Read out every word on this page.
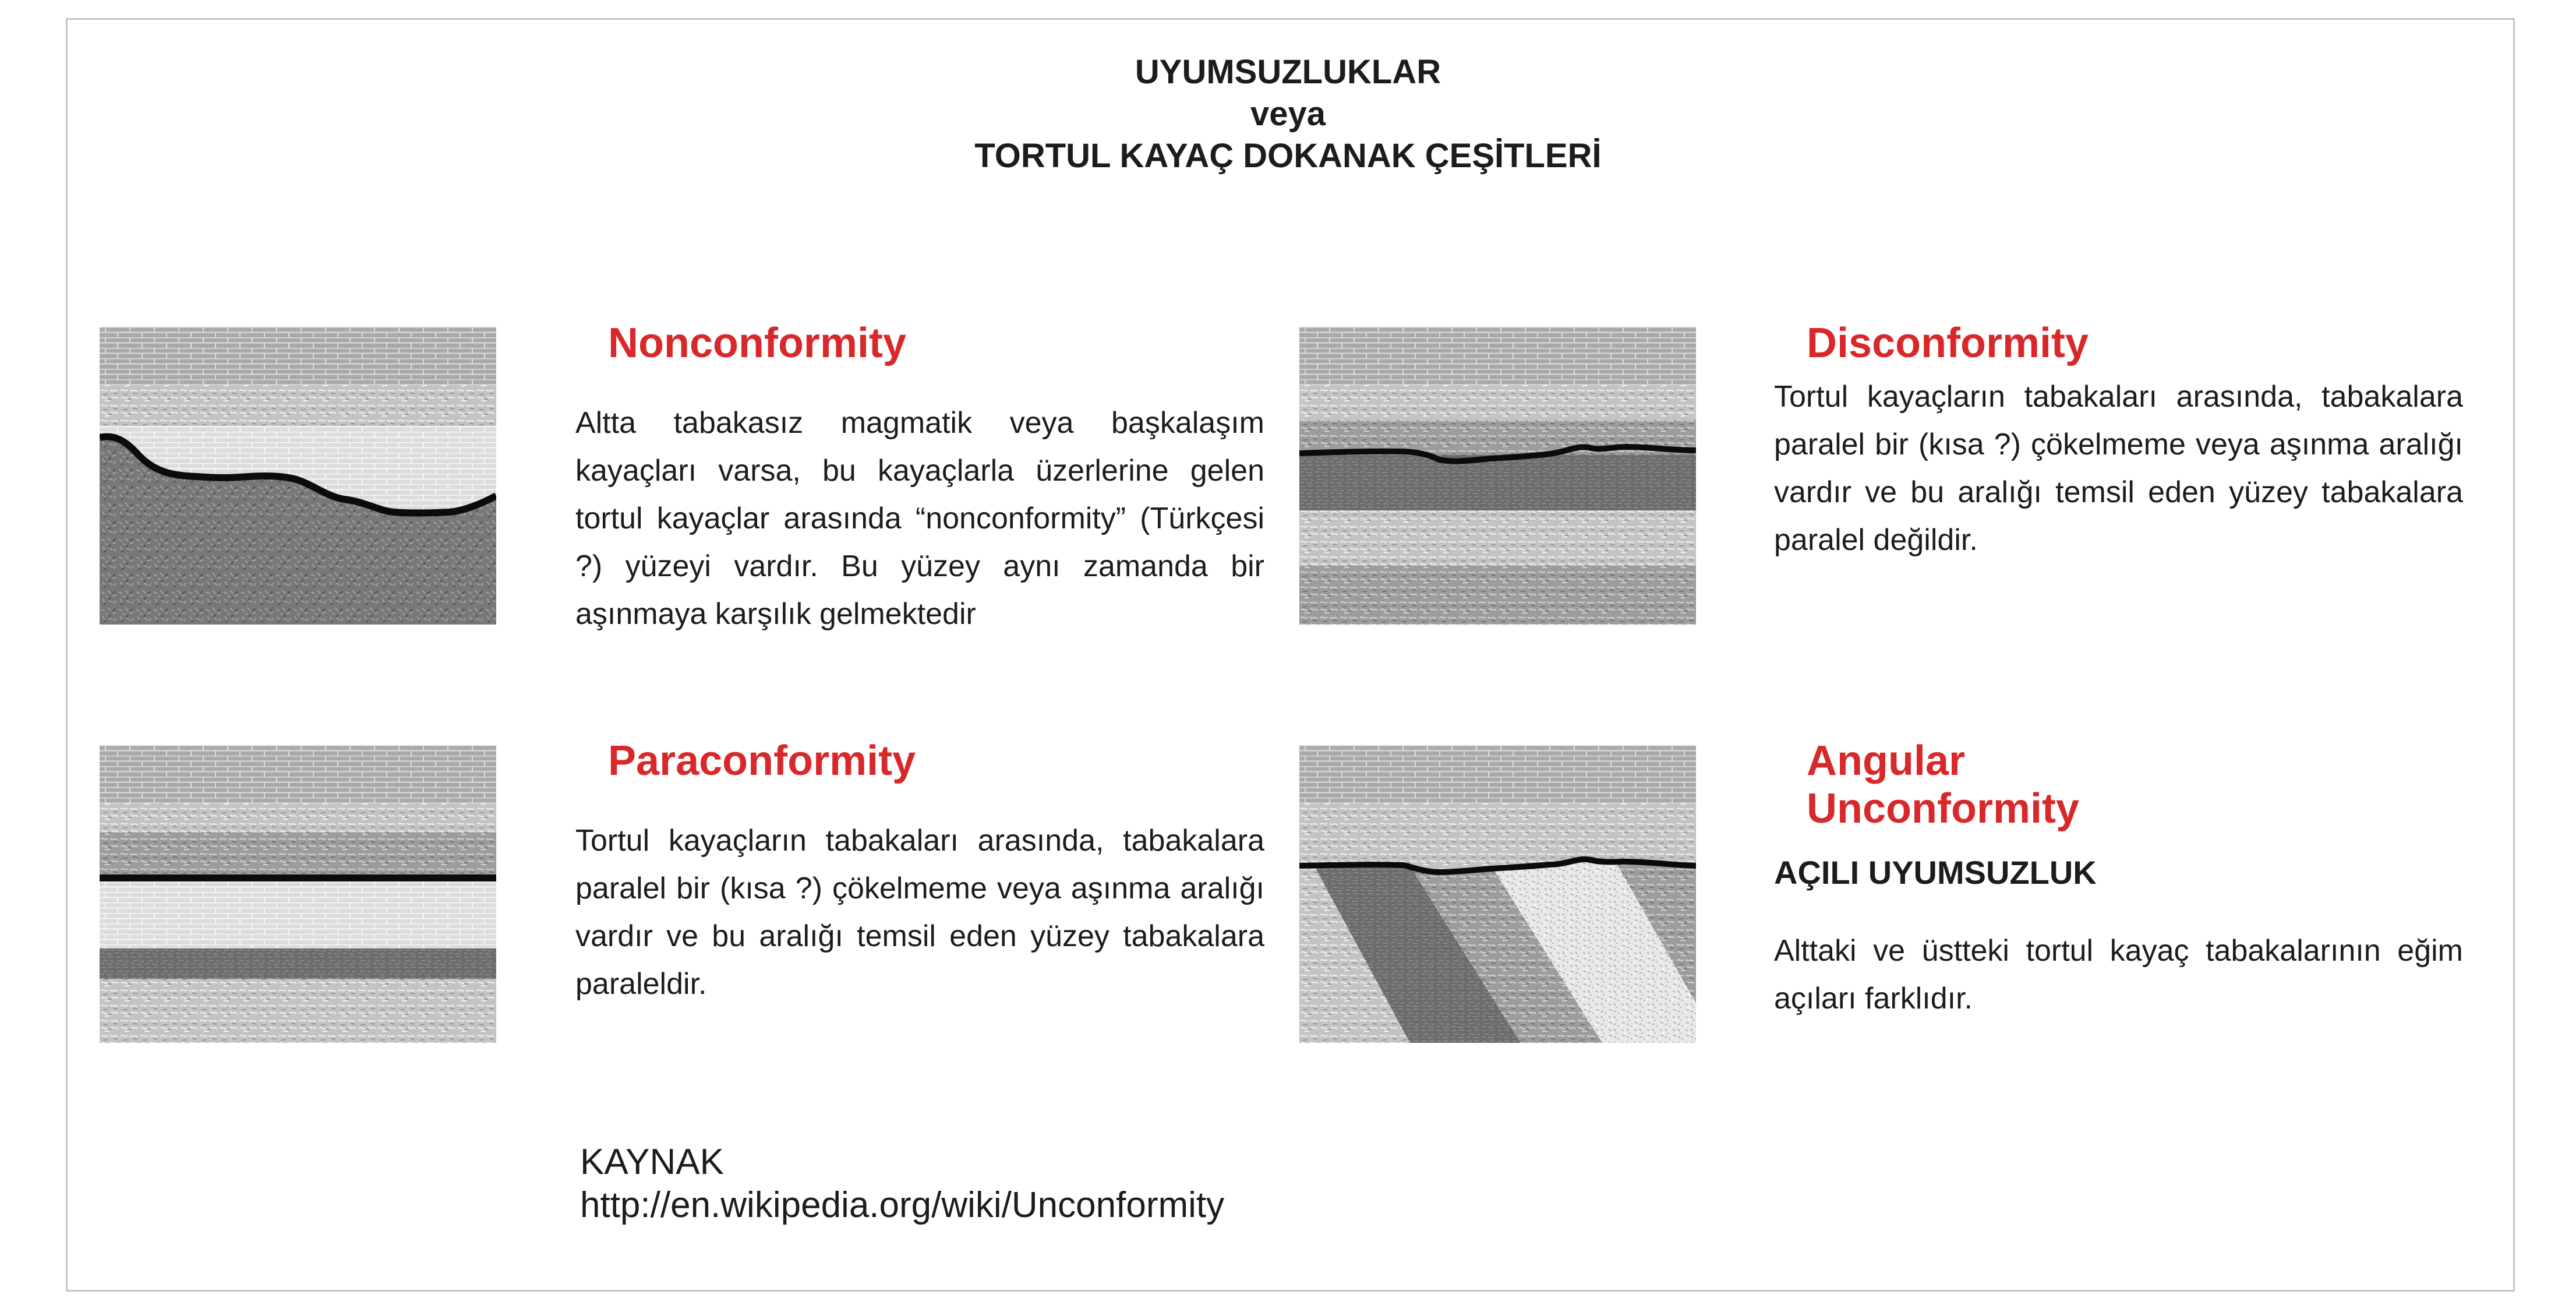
UYUMSUZLUKLAR

veya

TORTUL KAYAÇ DOKANAK ÇEŞİTLERİ

Nonconformity

Altta tabakasız magmatik veya başkalaşım kayaçları varsa, bu kayaçlarla üzerlerine gelen tortul kayaçlar arasında “nonconformity” (Türkçesi ?) yüzeyi vardır. Bu yüzey aynı zamanda bir aşınmaya karşılık gelmektedir

Disconformity

Tortul kayaçların tabakaları arasında, tabakalara paralel bir (kısa ?) çökelmeme veya aşınma aralığı vardır ve bu aralığı temsil eden yüzey tabakalara paralel değildir.

Paraconformity

Tortul kayaçların tabakaları arasında, tabakalara paralel bir (kısa ?) çökelmeme veya aşınma aralığı vardır ve bu aralığı temsil eden yüzey tabakalara paraleldir.

Angular

Unconformity

AÇILI UYUMSUZLUK

Alttaki ve üstteki tortul kayaç tabakalarının eğim açıları farklıdır.

KAYNAK

http://en.wikipedia.org/wiki/Unconformity
